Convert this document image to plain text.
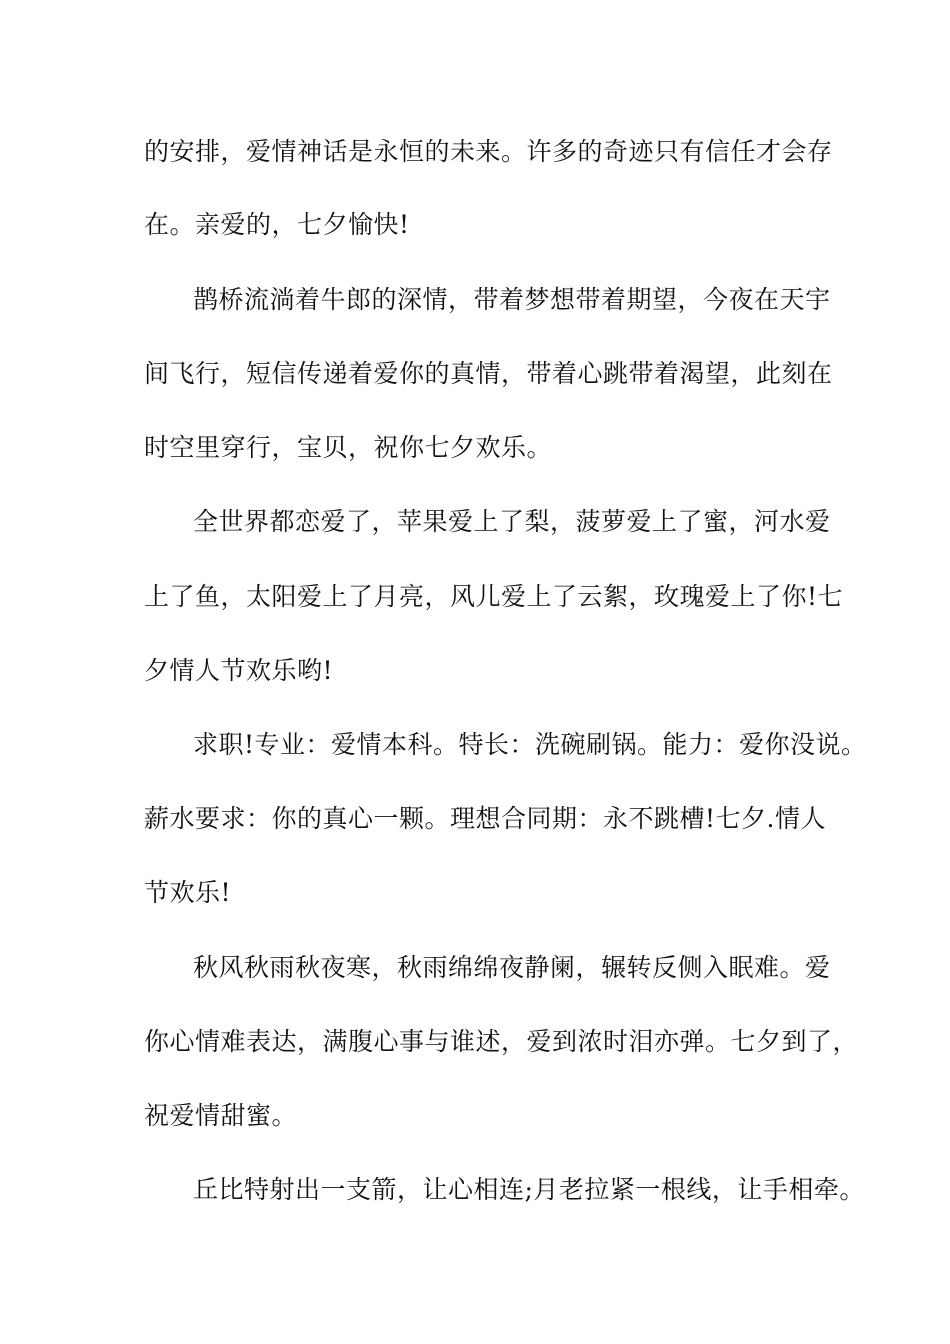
的安排，爱情神话是永恒的未来。许多的奇迹只有信任才会存
在。亲爱的，七夕愉快!
鹊桥流淌着牛郎的深情，带着梦想带着期望，今夜在天宇
间飞行，短信传递着爱你的真情，带着心跳带着渴望，此刻在
时空里穿行，宝贝，祝你七夕欢乐。
全世界都恋爱了，苹果爱上了梨，菠萝爱上了蜜，河水爱
上了鱼，太阳爱上了月亮，风儿爱上了云絮，玫瑰爱上了你!七
夕情人节欢乐哟!
求职!专业：爱情本科。特长：洗碗刷锅。能力：爱你没说。
薪水要求：你的真心一颗。理想合同期：永不跳槽!七夕.情人
节欢乐!
秋风秋雨秋夜寒，秋雨绵绵夜静阑，辗转反侧入眠难。爱
你心情难表达，满腹心事与谁述，爱到浓时泪亦弹。七夕到了，
祝爱情甜蜜。
丘比特射出一支箭，让心相连;月老拉紧一根线，让手相牵。
